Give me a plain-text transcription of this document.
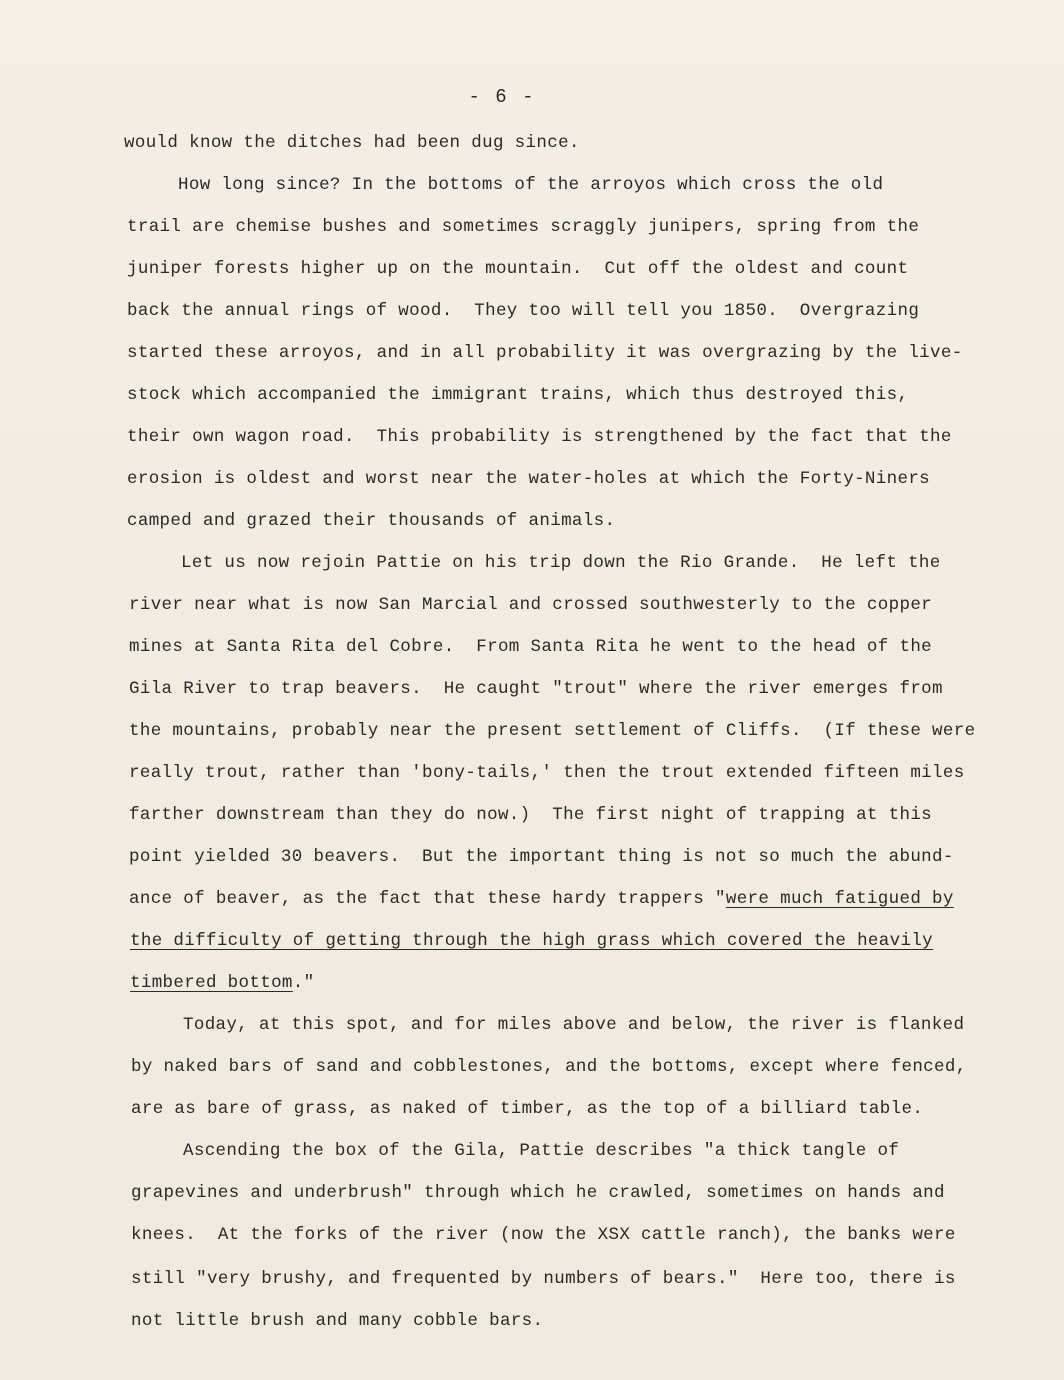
- 6 -
would know the ditches had been dug since.
How long since? In the bottoms of the arroyos which cross the old
trail are chemise bushes and sometimes scraggly junipers, spring from the
juniper forests higher up on the mountain.  Cut off the oldest and count
back the annual rings of wood.  They too will tell you 1850.  Overgrazing
started these arroyos, and in all probability it was overgrazing by the live-
stock which accompanied the immigrant trains, which thus destroyed this,
their own wagon road.  This probability is strengthened by the fact that the
erosion is oldest and worst near the water-holes at which the Forty-Niners
camped and grazed their thousands of animals.
Let us now rejoin Pattie on his trip down the Rio Grande.  He left the
river near what is now San Marcial and crossed southwesterly to the copper
mines at Santa Rita del Cobre.  From Santa Rita he went to the head of the
Gila River to trap beavers.  He caught "trout" where the river emerges from
the mountains, probably near the present settlement of Cliffs.  (If these were
really trout, rather than 'bony-tails,' then the trout extended fifteen miles
farther downstream than they do now.)  The first night of trapping at this
point yielded 30 beavers.  But the important thing is not so much the abund-
ance of beaver, as the fact that these hardy trappers "were much fatigued by
the difficulty of getting through the high grass which covered the heavily
timbered bottom."
Today, at this spot, and for miles above and below, the river is flanked
by naked bars of sand and cobblestones, and the bottoms, except where fenced,
are as bare of grass, as naked of timber, as the top of a billiard table.
Ascending the box of the Gila, Pattie describes "a thick tangle of
grapevines and underbrush" through which he crawled, sometimes on hands and
knees.  At the forks of the river (now the XSX cattle ranch), the banks were
still "very brushy, and frequented by numbers of bears."  Here too, there is
not little brush and many cobble bars.
